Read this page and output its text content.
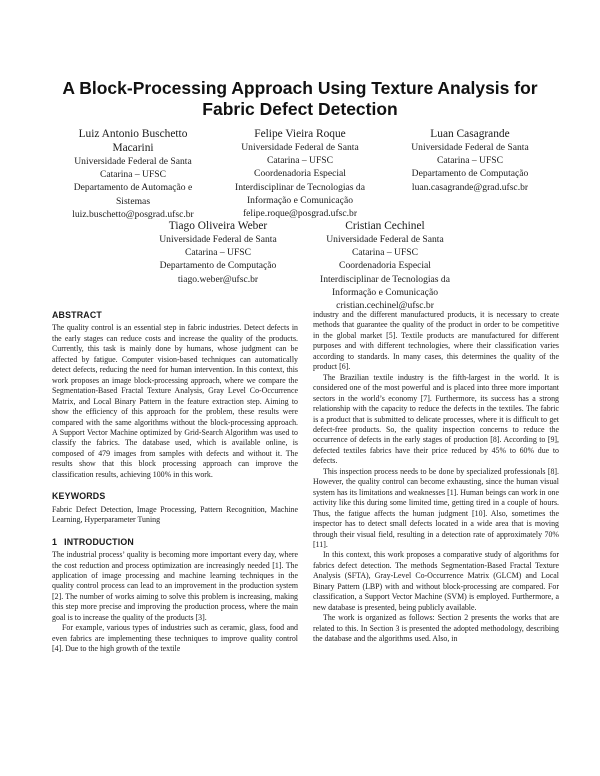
A Block-Processing Approach Using Texture Analysis for
Fabric Defect Detection
Luiz Antonio Buschetto Macarini
Universidade Federal de Santa
Catarina – UFSC
Departamento de Automação e
Sistemas
luiz.buschetto@posgrad.ufsc.br
Felipe Vieira Roque
Universidade Federal de Santa
Catarina – UFSC
Coordenadoria Especial
Interdisciplinar de Tecnologias da
Informação e Comunicação
felipe.roque@posgrad.ufsc.br
Luan Casagrande
Universidade Federal de Santa
Catarina – UFSC
Departamento de Computação
luan.casagrande@grad.ufsc.br
Tiago Oliveira Weber
Universidade Federal de Santa
Catarina – UFSC
Departamento de Computação
tiago.weber@ufsc.br
Cristian Cechinel
Universidade Federal de Santa
Catarina – UFSC
Coordenadoria Especial
Interdisciplinar de Tecnologias da
Informação e Comunicação
cristian.cechinel@ufsc.br
ABSTRACT

The quality control is an essential step in fabric industries. Detect defects in the early stages can reduce costs and increase the quality of the products. Currently, this task is mainly done by humans, whose judgment can be affected by fatigue. Computer vision-based techniques can automatically detect defects, reducing the need for human intervention. In this context, this work proposes an image block-processing approach, where we compare the Segmentation-Based Fractal Texture Analysis, Gray Level Co-Occurrence Matrix, and Local Binary Pattern in the feature extraction step. Aiming to show the efficiency of this approach for the problem, these results were compared with the same algorithms without the block-processing approach. A Support Vector Machine optimized by Grid-Search Algorithm was used to classify the fabrics. The database used, which is available online, is composed of 479 images from samples with defects and without it. The results show that this block processing approach can improve the classification results, achieving 100% in this work.

KEYWORDS

Fabric Defect Detection, Image Processing, Pattern Recognition, Machine Learning, Hyperparameter Tuning

1 INTRODUCTION

The industrial process’ quality is becoming more important every day, where the cost reduction and process optimization are increasingly needed [1]. The application of image processing and machine learning techniques in the quality control process can lead to an improvement in the production system [2]. The number of works aiming to solve this problem is increasing, making this step more precise and improving the production process, where the main goal is to increase the quality of the products [3].

For example, various types of industries such as ceramic, glass, food and even fabrics are implementing these techniques to improve quality control [4]. Due to the high growth of the textile

industry and the different manufactured products, it is necessary to create methods that guarantee the quality of the product in order to be competitive in the global market [5]. Textile products are manufactured for different purposes and with different technologies, where their classification varies according to standards. In many cases, this determines the quality of the product [6].

The Brazilian textile industry is the fifth-largest in the world. It is considered one of the most powerful and is placed into three more important sectors in the world’s economy [7]. Furthermore, its success has a strong relationship with the capacity to reduce the defects in the textiles. The fabric is a product that is submitted to delicate processes, where it is difficult to get defect-free products. So, the quality inspection concerns to reduce the occurrence of defects in the early stages of production [8]. According to [9], defected textiles fabrics have their price reduced by 45% to 60% due to defects.

This inspection process needs to be done by specialized professionals [8]. However, the quality control can become exhausting, since the human visual system has its limitations and weaknesses [1]. Human beings can work in one activity like this during some limited time, getting tired in a couple of hours. Thus, the fatigue affects the human judgment [10]. Also, sometimes the inspector has to detect small defects located in a wide area that is moving through their visual field, resulting in a detection rate of approximately 70% [11].

In this context, this work proposes a comparative study of algorithms for fabrics defect detection. The methods Segmentation-Based Fractal Texture Analysis (SFTA), Gray-Level Co-Occurrence Matrix (GLCM) and Local Binary Pattern (LBP) with and without block-processing are compared. For classification, a Support Vector Machine (SVM) is employed. Furthermore, a new database is presented, being publicly available.

The work is organized as follows: Section 2 presents the works that are related to this. In Section 3 is presented the adopted methodology, describing the database and the algorithms used. Also, in
